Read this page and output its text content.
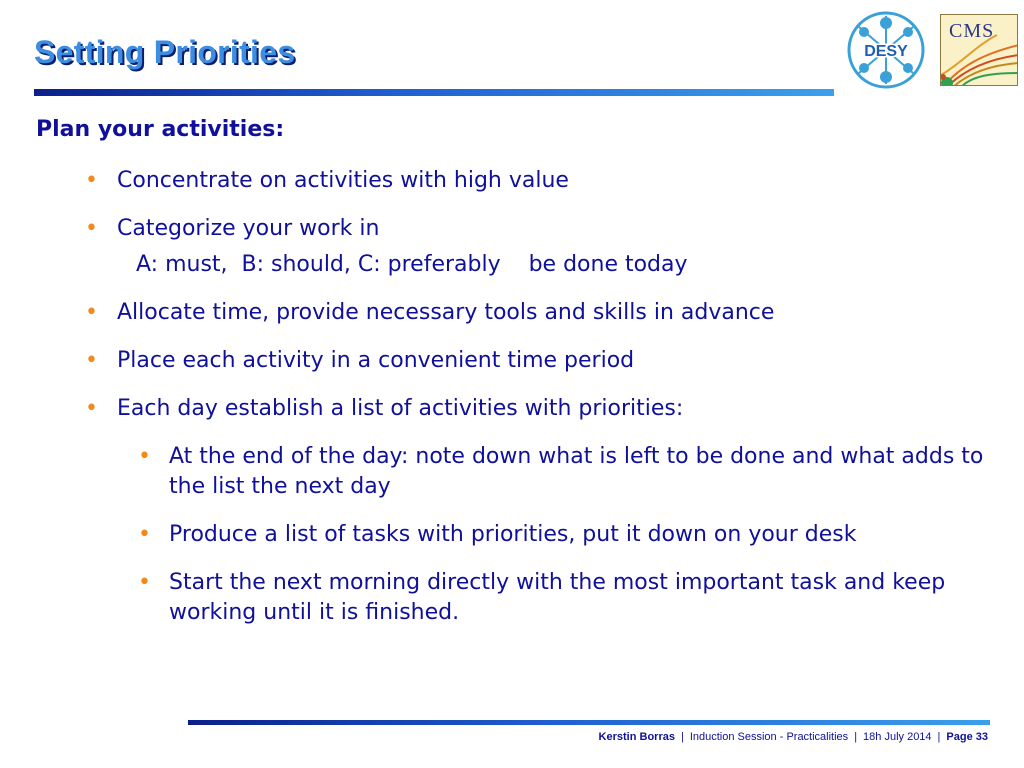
Setting Priorities	DESY
CMS

Plan your activities:

• Concentrate on activities with high value
• Categorize your work in
A: must,  B: should, C: preferably    be done today
• Allocate time, provide necessary tools and skills in advance
• Place each activity in a convenient time period
• Each day establish a list of activities with priorities:
• At the end of the day: note down what is left to be done and what adds to the list the next day
• Produce a list of tasks with priorities, put it down on your desk
• Start the next morning directly with the most important task and keep working until it is finished.
Kerstin Borras | Induction Session - Practicalities | 18h July 2014 | Page 33
